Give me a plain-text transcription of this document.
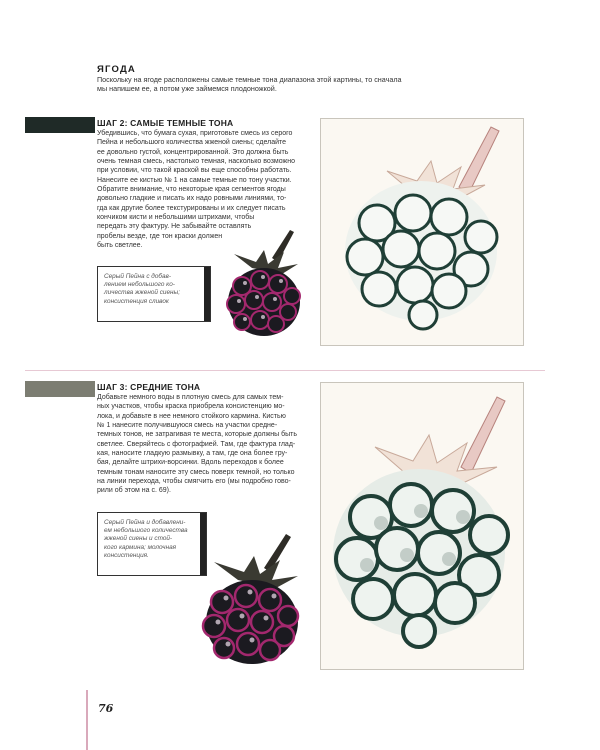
ЯГОДА
Поскольку на ягоде расположены самые темные тона диапазона этой картины, то сначала
мы напишем ее, а потом уже займемся плодоножкой.
ШАГ 2: САМЫЕ ТЕМНЫЕ ТОНА
Убедившись, что бумага сухая, приготовьте смесь из серого
Пейна и небольшого количества жженой сиены; сделайте
ее довольно густой, концентрированной. Это должна быть
очень темная смесь, настолько темная, насколько возможно
при условии, что такой краской вы еще способны работать.
Нанесите ее кистью № 1 на самые темные по тону участки.
Обратите внимание, что некоторые края сегментов ягоды
довольно гладкие и писать их надо ровными линиями, то-
гда как другие более текстурированы и их следует писать
кончиком кисти и небольшими штрихами, чтобы
передать эту фактуру. Не забывайте оставлять
пробелы везде, где тон краски должен
быть светлее.
Серый Пейна с добав-
лением небольшого ко-
личества жженой сиены;
консистенция сливок
ШАГ 3: СРЕДНИЕ ТОНА
Добавьте немного воды в плотную смесь для самых тем-
ных участков, чтобы краска приобрела консистенцию мо-
лока, и добавьте в нее немного стойкого кармина. Кистью
№ 1 нанесите получившуюся смесь на участки средне-
темных тонов, не затрагивая те места, которые должны быть
светлее. Сверяйтесь с фотографией. Там, где фактура глад-
кая, наносите гладкую размывку, а там, где она более гру-
бая, делайте штрихи-ворсинки. Вдоль переходов к более
темным тонам наносите эту смесь поверх темной, но только
на линии перехода, чтобы смягчить его (мы подробно гово-
рили об этом на с. 69).
Серый Пейна и добавлени-
ем небольшого количества
жженой сиены и стой-
кого кармина; молочная
консистенция.
76
